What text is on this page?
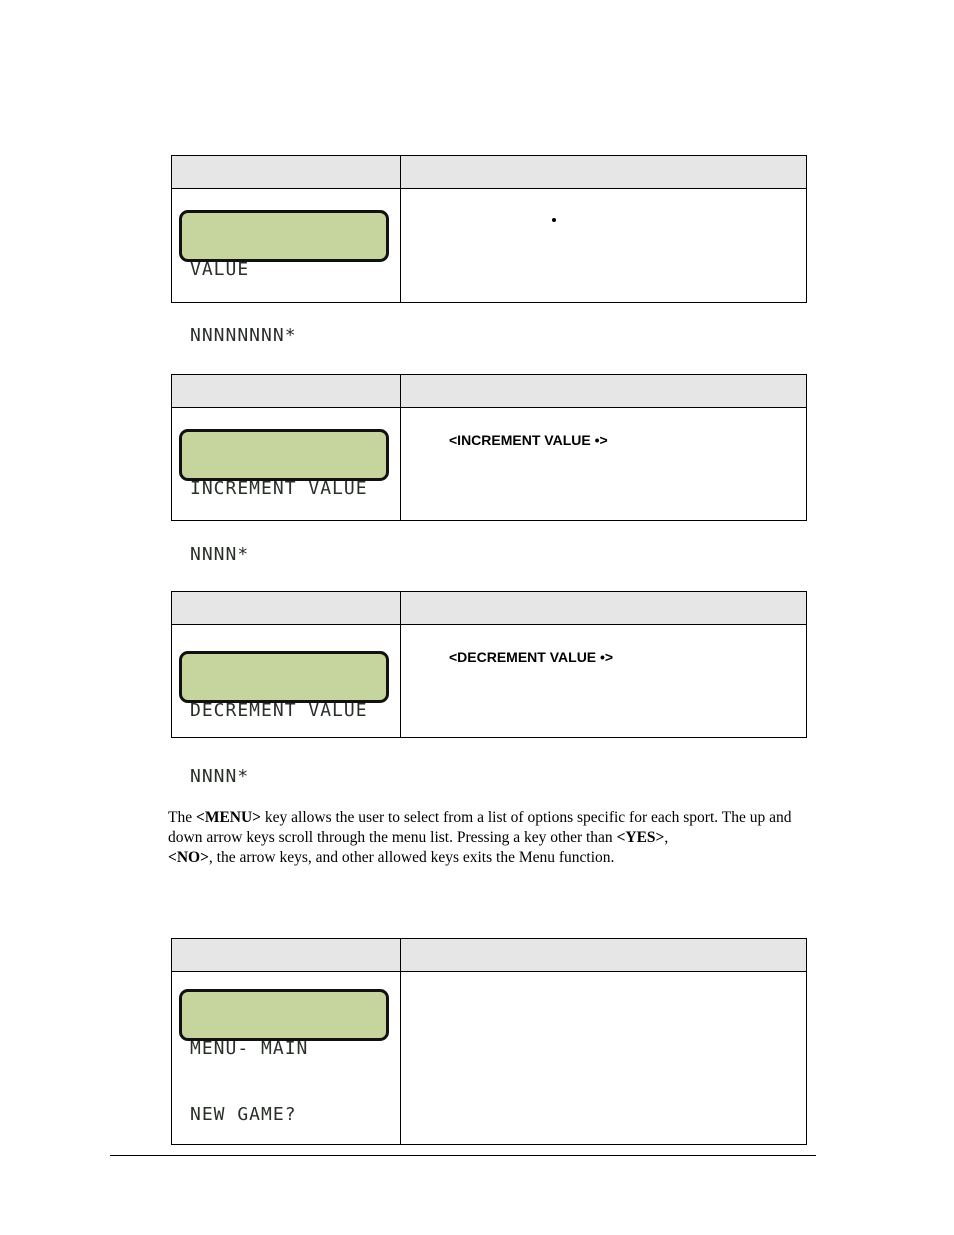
VALUE

NNNNNNNN*

INCREMENT VALUE

NNNN*

<INCREMENT VALUE •>

DECREMENT VALUE

NNNN*

<DECREMENT VALUE •>
The <MENU> key allows the user to select from a list of options specific for each sport. The up and down arrow keys scroll through the menu list. Pressing a key other than <YES>,
<NO>, the arrow keys, and other allowed keys exits the Menu function.

MENU- MAIN

NEW GAME?
